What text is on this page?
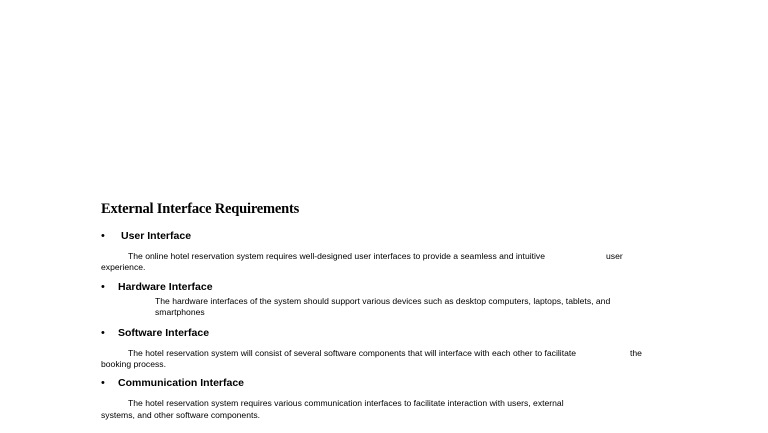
External Interface Requirements
• User Interface
The online hotel reservation system requires well-designed user interfaces to provide a seamless and intuitive	user
experience.
• Hardware Interface
The hardware interfaces of the system should support various devices such as desktop computers, laptops, tablets, and
smartphones
• Software Interface
The hotel reservation system will consist of several software components that will interface with each other to facilitate	the
booking process.
• Communication Interface
The hotel reservation system requires various communication interfaces to facilitate interaction with users, external
systems, and other software components.
